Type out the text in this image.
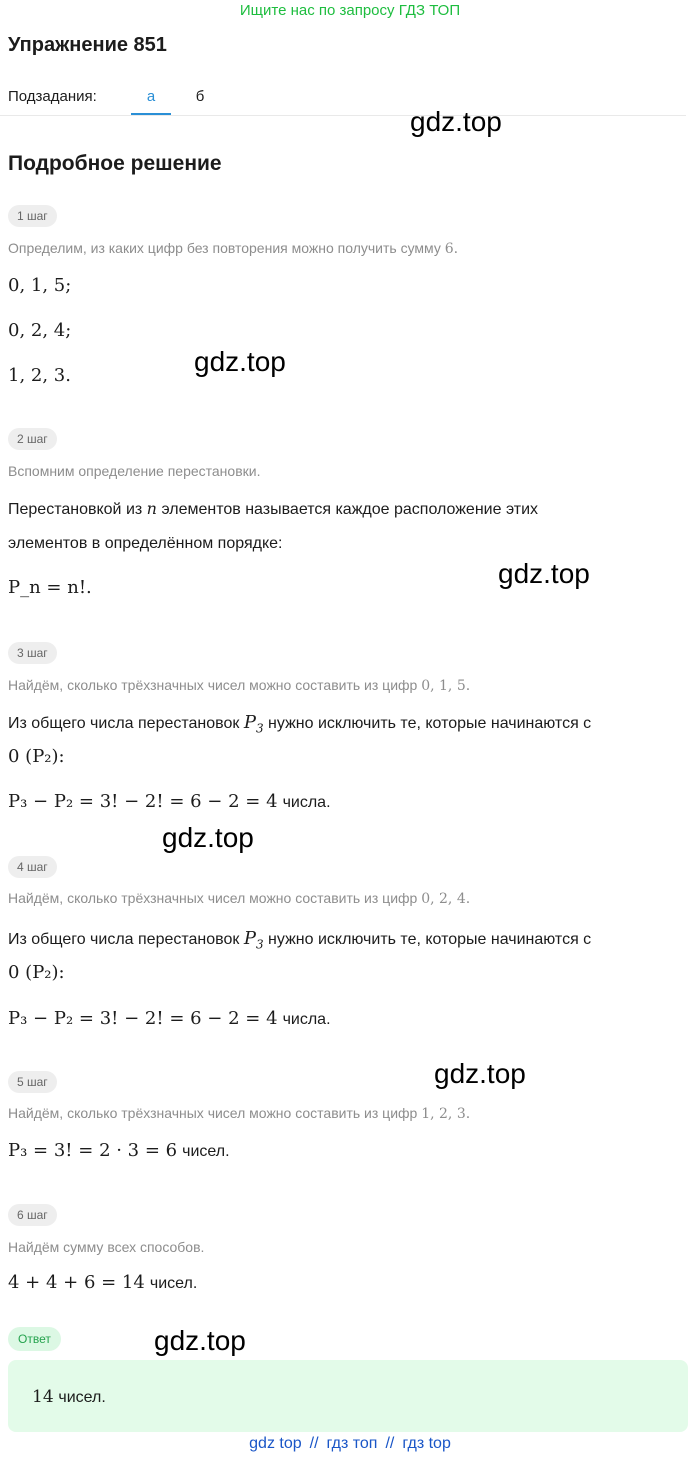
Ищите нас по запросу ГДЗ ТОП
Упражнение 851
Подзадания:	а	б
gdz.top
Подробное решение
1 шаг
Определим, из каких цифр без повторения можно получить сумму 6.
0, 1, 5;
0, 2, 4;
1, 2, 3.	gdz.top
2 шаг
Вспомним определение перестановки.
Перестановкой из n элементов называется каждое расположение этих
элементов в определённом порядке:
P_n = n!.	gdz.top
3 шаг
Найдём, сколько трёхзначных чисел можно составить из цифр 0, 1, 5.
Из общего числа перестановок $P_3$ нужно исключить те, которые начинаются с
0 (P₂):
P₃ − P₂ = 3! − 2! = 6 − 2 = 4 числа.
gdz.top
4 шаг
Найдём, сколько трёхзначных чисел можно составить из цифр 0, 2, 4.
Из общего числа перестановок $P_3$ нужно исключить те, которые начинаются с
0 (P₂):
P₃ − P₂ = 3! − 2! = 6 − 2 = 4 числа.
gdz.top
5 шаг
Найдём, сколько трёхзначных чисел можно составить из цифр 1, 2, 3.
P₃ = 3! = 2 · 3 = 6 чисел.
6 шаг
Найдём сумму всех способов.
4 + 4 + 6 = 14 чисел.
Ответ	gdz.top
14 чисел.
gdz top // гдз топ // гдз top
